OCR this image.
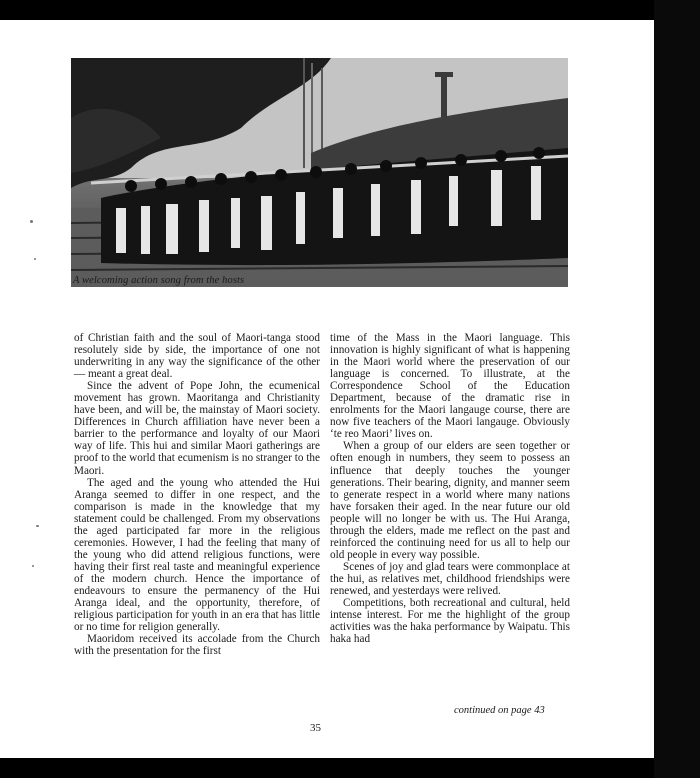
A welcoming action song from the hosts

of Christian faith and the soul of Maori-tanga stood resolutely side by side, the importance of one not underwriting in any way the significance of the other — meant a great deal.

Since the advent of Pope John, the ecumenical movement has grown. Maoritanga and Christianity have been, and will be, the mainstay of Maori society. Differences in Church affiliation have never been a barrier to the performance and loyalty of our Maori way of life. This hui and similar Maori gatherings are proof to the world that ecumenism is no stranger to the Maori.

The aged and the young who attended the Hui Aranga seemed to differ in one respect, and the comparison is made in the knowledge that my statement could be challenged. From my observations the aged participated far more in the religious ceremonies. However, I had the feeling that many of the young who did attend religious functions, were having their first real taste and meaningful experience of the modern church. Hence the importance of endeavours to ensure the permanency of the Hui Aranga ideal, and the opportunity, therefore, of religious participation for youth in an era that has little or no time for religion generally.

Maoridom received its accolade from the Church with the presentation for the first

time of the Mass in the Maori language. This innovation is highly significant of what is happening in the Maori world where the preservation of our language is concerned. To illustrate, at the Correspondence School of the Education Department, because of the dramatic rise in enrolments for the Maori langauge course, there are now five teachers of the Maori langauge. Obviously ‘te reo Maori’ lives on.

When a group of our elders are seen together or often enough in numbers, they seem to possess an influence that deeply touches the younger generations. Their bearing, dignity, and manner seem to generate respect in a world where many nations have forsaken their aged. In the near future our old people will no longer be with us. The Hui Aranga, through the elders, made me reflect on the past and reinforced the continuing need for us all to help our old people in every way possible.

Scenes of joy and glad tears were commonplace at the hui, as relatives met, childhood friendships were renewed, and yesterdays were relived.

Competitions, both recreational and cultural, held intense interest. For me the highlight of the group activities was the haka performance by Waipatu. This haka had

continued on page 43
35
